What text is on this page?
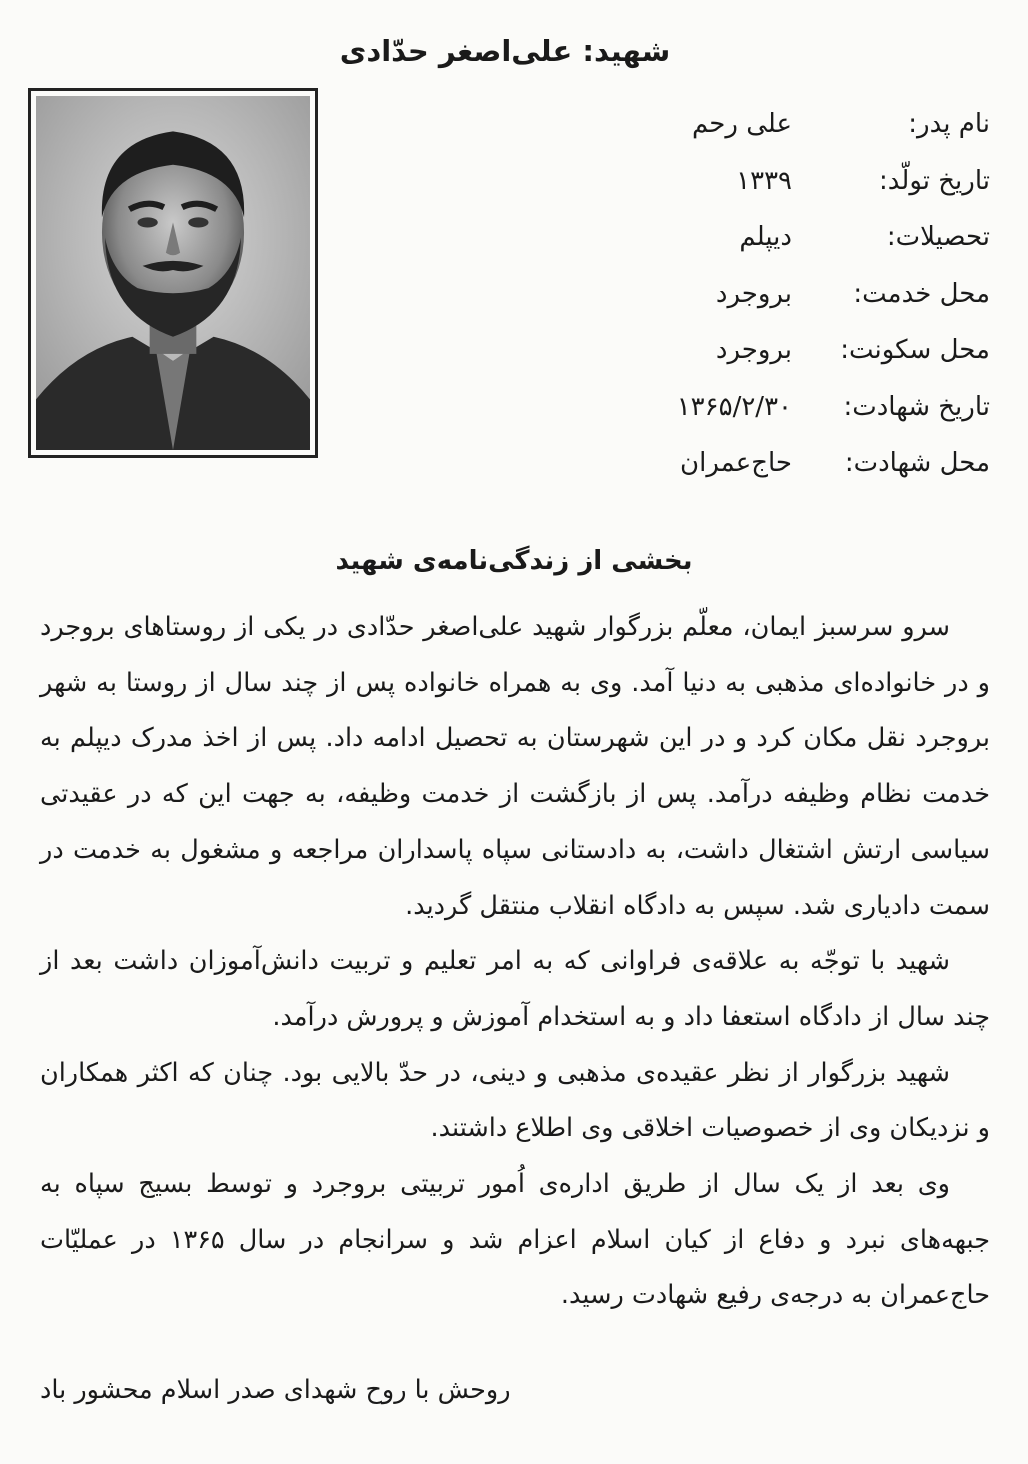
شهید: علی‌اصغر حدّادی
نام پدر:
علی رحم
تاریخ تولّد:
۱۳۳۹
تحصیلات:
دیپلم
محل خدمت:
بروجرد
محل سکونت:
بروجرد
تاریخ شهادت:
۱۳۶۵/۲/۳۰
محل شهادت:
حاج‌عمران
بخشی از زندگی‌نامه‌ی شهید

سرو سرسبز ایمان، معلّم بزرگوار شهید علی‌اصغر حدّادی در یکی از روستاهای بروجرد و در خانواده‌ای مذهبی به دنیا آمد. وی به همراه خانواده پس از چند سال از روستا به شهر بروجرد نقل مکان کرد و در این شهرستان به تحصیل ادامه داد. پس از اخذ مدرک دیپلم به خدمت نظام وظیفه درآمد. پس از بازگشت از خدمت وظیفه، به جهت این که در عقیدتی سیاسی ارتش اشتغال داشت، به دادستانی سپاه پاسداران مراجعه و مشغول به خدمت در سمت دادیاری شد. سپس به دادگاه انقلاب منتقل گردید.

شهید با توجّه به علاقه‌ی فراوانی که به امر تعلیم و تربیت دانش‌آموزان داشت بعد از چند سال از دادگاه استعفا داد و به استخدام آموزش و پرورش درآمد.

شهید بزرگوار از نظر عقیده‌ی مذهبی و دینی، در حدّ بالایی بود. چنان که اکثر همکاران و نزدیکان وی از خصوصیات اخلاقی وی اطلاع داشتند.

وی بعد از یک سال از طریق اداره‌ی اُمور تربیتی بروجرد و توسط بسیج سپاه به جبهه‌های نبرد و دفاع از کیان اسلام اعزام شد و سرانجام در سال ۱۳۶۵ در عملیّات حاج‌عمران به درجه‌ی رفیع شهادت رسید.

روحش با روح شهدای صدر اسلام محشور باد
